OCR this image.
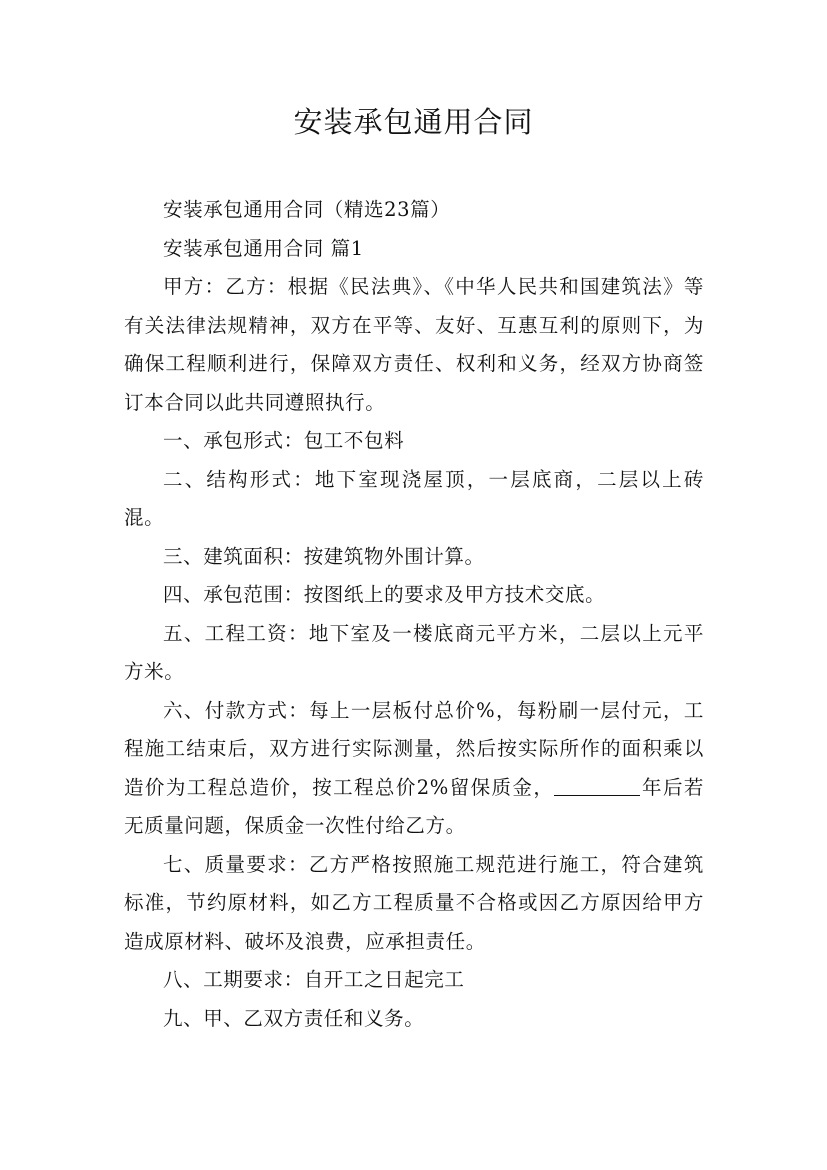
安装承包通用合同

安装承包通用合同（精选23篇）

安装承包通用合同 篇1

甲方：乙方：根据《民法典》、《中华人民共和国建筑法》等有关法律法规精神，双方在平等、友好、互惠互利的原则下，为确保工程顺利进行，保障双方责任、权利和义务，经双方协商签订本合同以此共同遵照执行。

一、承包形式：包工不包料

二、结构形式：地下室现浇屋顶，一层底商，二层以上砖混。

三、建筑面积：按建筑物外围计算。

四、承包范围：按图纸上的要求及甲方技术交底。

五、工程工资：地下室及一楼底商元平方米，二层以上元平方米。

六、付款方式：每上一层板付总价%，每粉刷一层付元，工程施工结束后，双方进行实际测量，然后按实际所作的面积乘以造价为工程总造价，按工程总价2%留保质金，	年后若无质量问题，保质金一次性付给乙方。

七、质量要求：乙方严格按照施工规范进行施工，符合建筑标准，节约原材料，如乙方工程质量不合格或因乙方原因给甲方造成原材料、破坏及浪费，应承担责任。

八、工期要求：自开工之日起完工

九、甲、乙双方责任和义务。
